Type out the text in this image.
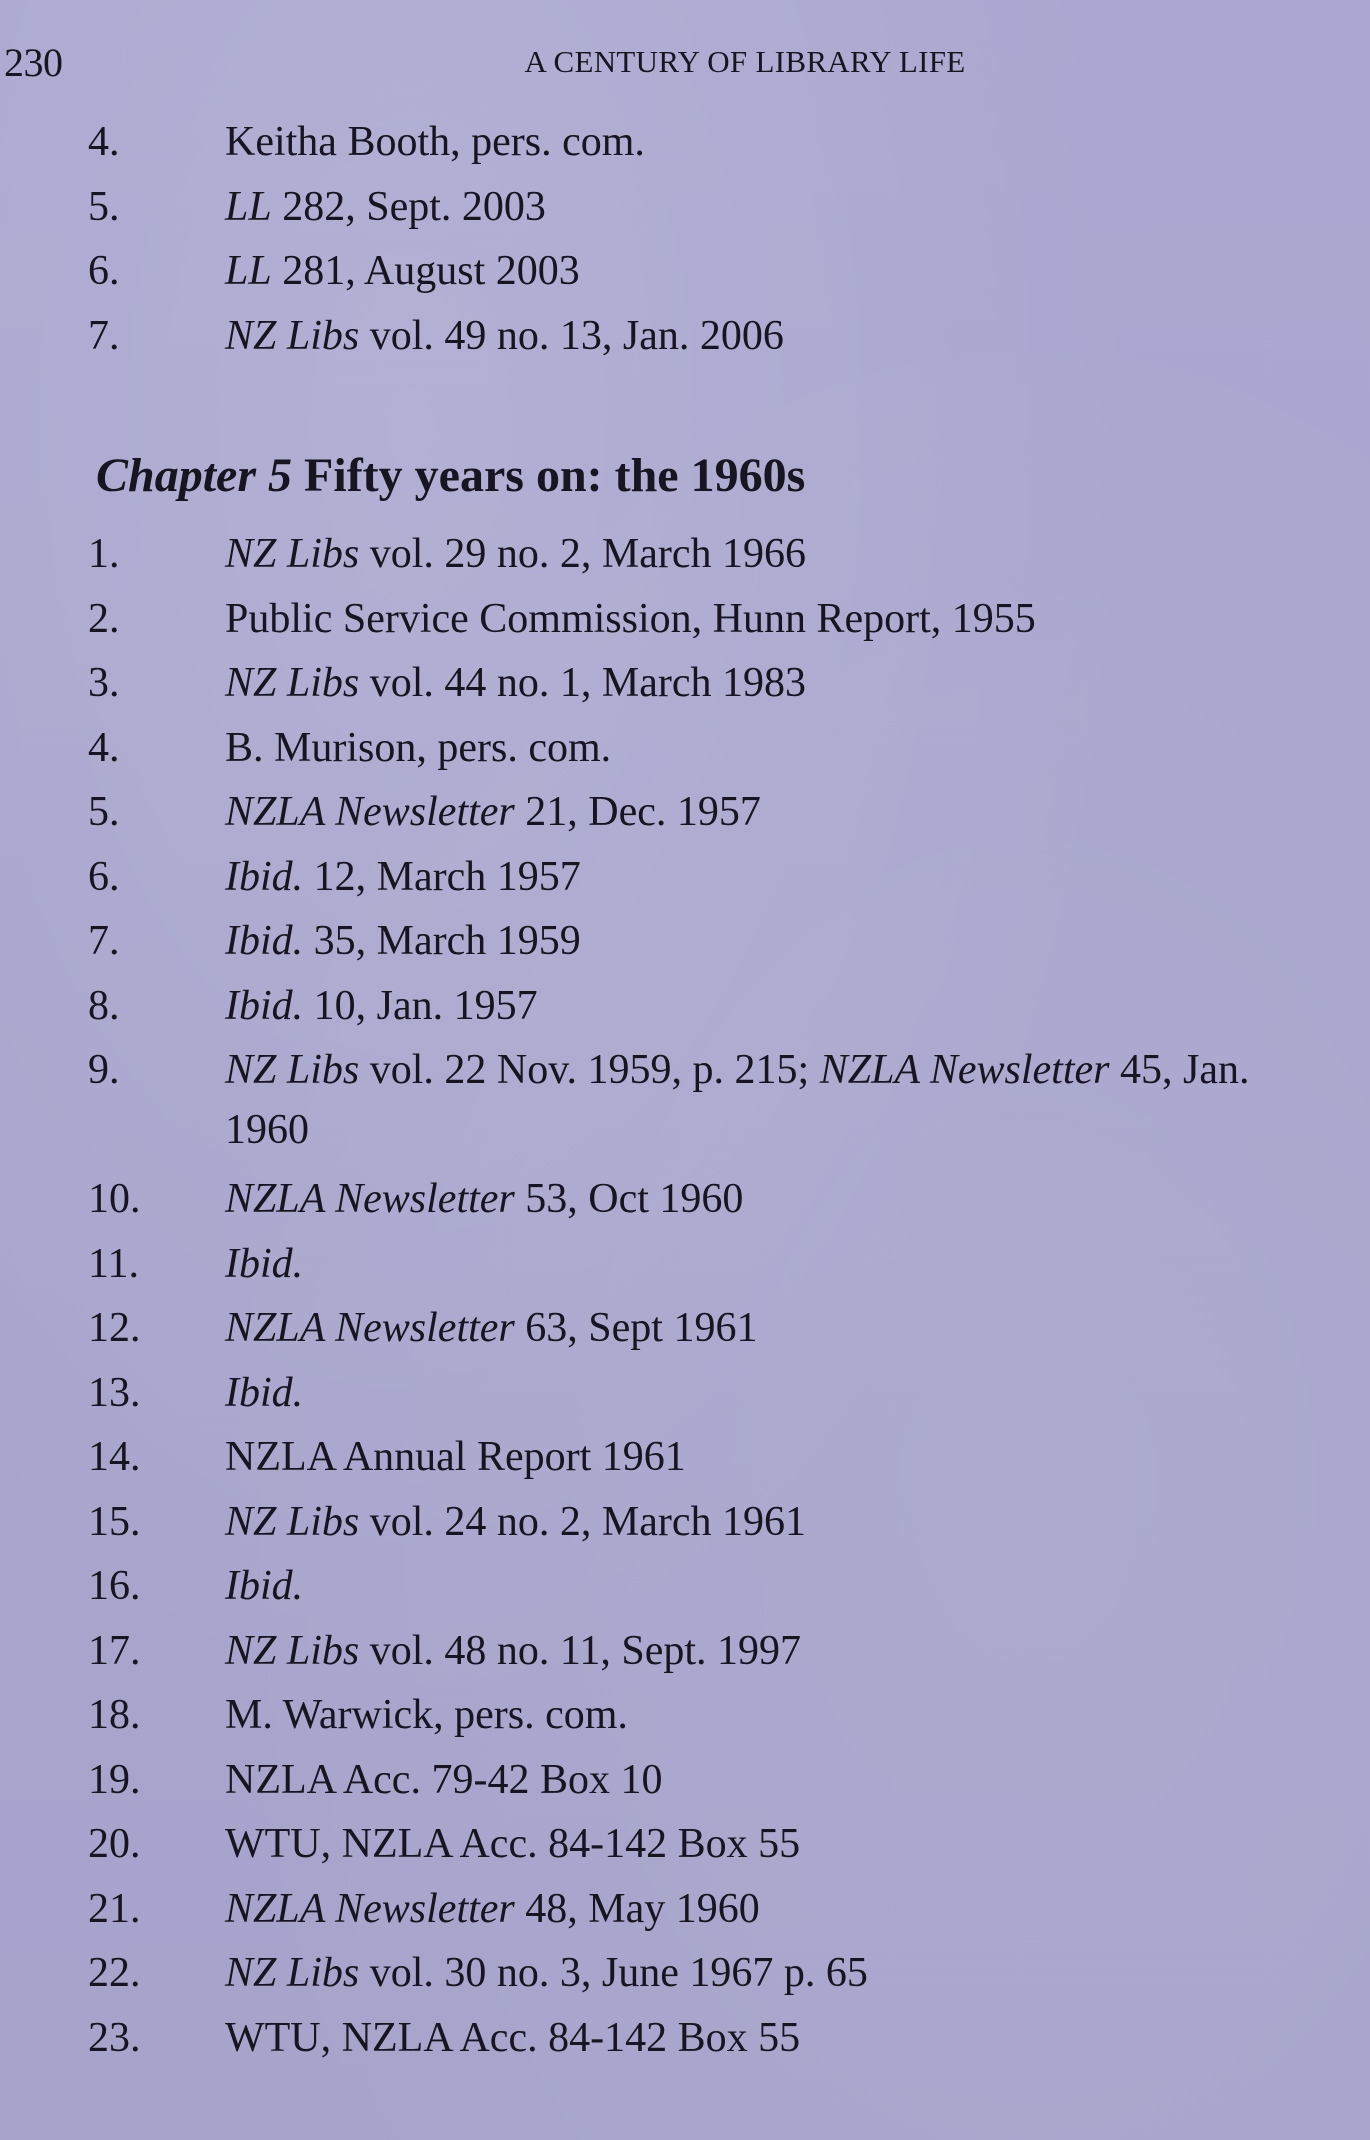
230	A CENTURY OF LIBRARY LIFE
4.	Keitha Booth, pers. com.
5.	LL 282, Sept. 2003
6.	LL 281, August 2003
7.	NZ Libs vol. 49 no. 13, Jan. 2006
Chapter 5 Fifty years on: the 1960s
1.	NZ Libs vol. 29 no. 2, March 1966
2.	Public Service Commission, Hunn Report, 1955
3.	NZ Libs vol. 44 no. 1, March 1983
4.	B. Murison, pers. com.
5.	NZLA Newsletter 21, Dec. 1957
6.	Ibid. 12, March 1957
7.	Ibid. 35, March 1959
8.	Ibid. 10, Jan. 1957
9.	NZ Libs vol. 22 Nov. 1959, p. 215; NZLA Newsletter 45, Jan. 1960
10. NZLA Newsletter 53, Oct 1960
11. Ibid.
12. NZLA Newsletter 63, Sept 1961
13. Ibid.
14. NZLA Annual Report 1961
15. NZ Libs vol. 24 no. 2, March 1961
16. Ibid.
17. NZ Libs vol. 48 no. 11, Sept. 1997
18. M. Warwick, pers. com.
19. NZLA Acc. 79-42 Box 10
20. WTU, NZLA Acc. 84-142 Box 55
21. NZLA Newsletter 48, May 1960
22. NZ Libs vol. 30 no. 3, June 1967 p. 65
23. WTU, NZLA Acc. 84-142 Box 55
